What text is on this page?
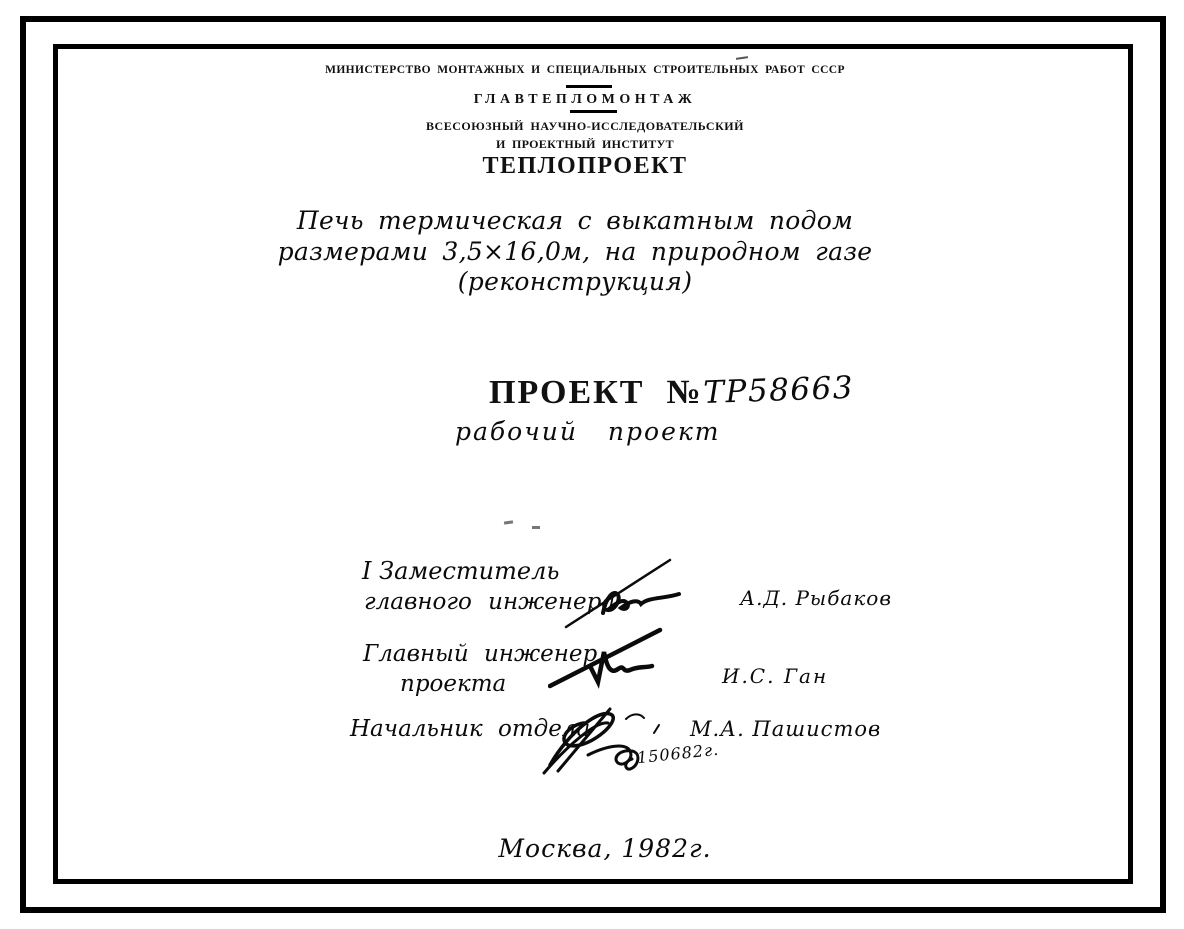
МИНИСТЕРСТВО МОНТАЖНЫХ И СПЕЦИАЛЬНЫХ СТРОИТЕЛЬНЫХ РАБОТ СССР
ГЛАВТЕПЛОМОНТАЖ
ВСЕСОЮЗНЫЙ НАУЧНО-ИССЛЕДОВАТЕЛЬСКИЙ
И ПРОЕКТНЫЙ ИНСТИТУТ
ТЕПЛОПРОЕКТ
Печь термическая с выкатным подом
размерами 3,5×16,0м, на природном газе
(реконструкция)
ПРОЕКТ № ТР58663
рабочий проект
I Заместитель
главного инженера	А.Д. Рыбаков
Главный инженер
проекта	И.С. Ган
Начальник отдела
150682г.
М.А. Пашистов
Москва, 1982г.
